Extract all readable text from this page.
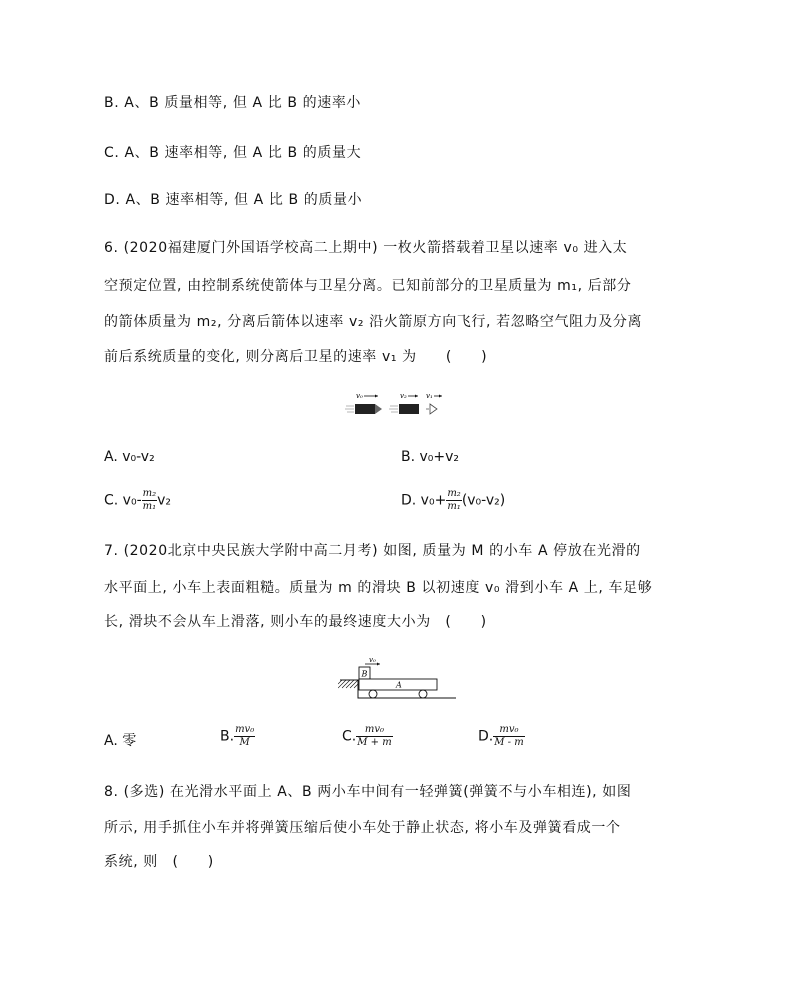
B. A、B 质量相等, 但 A 比 B 的速率小
C. A、B 速率相等, 但 A 比 B 的质量大
D. A、B 速率相等, 但 A 比 B 的质量小
6. (2020福建厦门外国语学校高二上期中) 一枚火箭搭载着卫星以速率 v₀ 进入太
空预定位置, 由控制系统使箭体与卫星分离。已知前部分的卫星质量为 m₁, 后部分
的箭体质量为 m₂, 分离后箭体以速率 v₂ 沿火箭原方向飞行, 若忽略空气阻力及分离
前后系统质量的变化, 则分离后卫星的速率 v₁ 为　　(　　)
v₀	v₂	v₁
A. v₀-v₂	B. v₀+v₂
C. $v_0- \frac{\text{m₂}}{\text{m₁}} v_2$	D. $v_0+ \frac{\text{m₂}}{\text{m₁}} (v_0-v_2)$
7. (2020北京中央民族大学附中高二月考) 如图, 质量为 M 的小车 A 停放在光滑的
水平面上, 小车上表面粗糙。质量为 m 的滑块 B 以初速度 v₀ 滑到小车 A 上, 车足够
长, 滑块不会从车上滑落, 则小车的最终速度大小为　(　　)
v₀
B
A
A. 零	B. $\frac{\text{mv₀}}{M}$	C. $\frac{\text{mv₀}}{M + m}$	D. $\frac{\text{mv₀}}{M - m}$
8. (多选) 在光滑水平面上 A、B 两小车中间有一轻弹簧(弹簧不与小车相连), 如图
所示, 用手抓住小车并将弹簧压缩后使小车处于静止状态, 将小车及弹簧看成一个
系统, 则　(　　)
